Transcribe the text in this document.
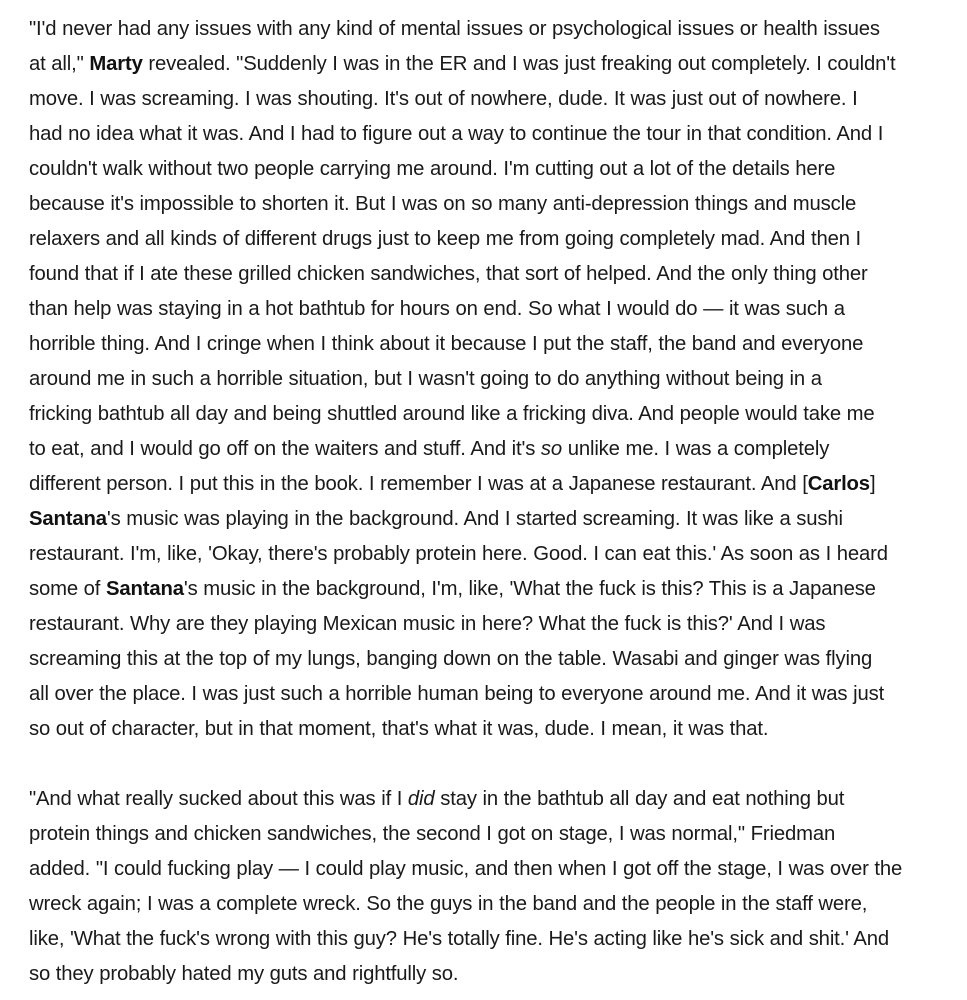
"I'd never had any issues with any kind of mental issues or psychological issues or health issues
at all," Marty revealed. "Suddenly I was in the ER and I was just freaking out completely. I couldn't
move. I was screaming. I was shouting. It's out of nowhere, dude. It was just out of nowhere. I
had no idea what it was. And I had to figure out a way to continue the tour in that condition. And I
couldn't walk without two people carrying me around. I'm cutting out a lot of the details here
because it's impossible to shorten it. But I was on so many anti-depression things and muscle
relaxers and all kinds of different drugs just to keep me from going completely mad. And then I
found that if I ate these grilled chicken sandwiches, that sort of helped. And the only thing other
than help was staying in a hot bathtub for hours on end. So what I would do — it was such a
horrible thing. And I cringe when I think about it because I put the staff, the band and everyone
around me in such a horrible situation, but I wasn't going to do anything without being in a
fricking bathtub all day and being shuttled around like a fricking diva. And people would take me
to eat, and I would go off on the waiters and stuff. And it's so unlike me. I was a completely
different person. I put this in the book. I remember I was at a Japanese restaurant. And [Carlos]
Santana's music was playing in the background. And I started screaming. It was like a sushi
restaurant. I'm, like, 'Okay, there's probably protein here. Good. I can eat this.' As soon as I heard
some of Santana's music in the background, I'm, like, 'What the fuck is this? This is a Japanese
restaurant. Why are they playing Mexican music in here? What the fuck is this?' And I was
screaming this at the top of my lungs, banging down on the table. Wasabi and ginger was flying
all over the place. I was just such a horrible human being to everyone around me. And it was just
so out of character, but in that moment, that's what it was, dude. I mean, it was that.

"And what really sucked about this was if I did stay in the bathtub all day and eat nothing but
protein things and chicken sandwiches, the second I got on stage, I was normal," Friedman
added. "I could fucking play — I could play music, and then when I got off the stage, I was over the
wreck again; I was a complete wreck. So the guys in the band and the people in the staff were,
like, 'What the fuck's wrong with this guy? He's totally fine. He's acting like he's sick and shit.' And
so they probably hated my guts and rightfully so.
